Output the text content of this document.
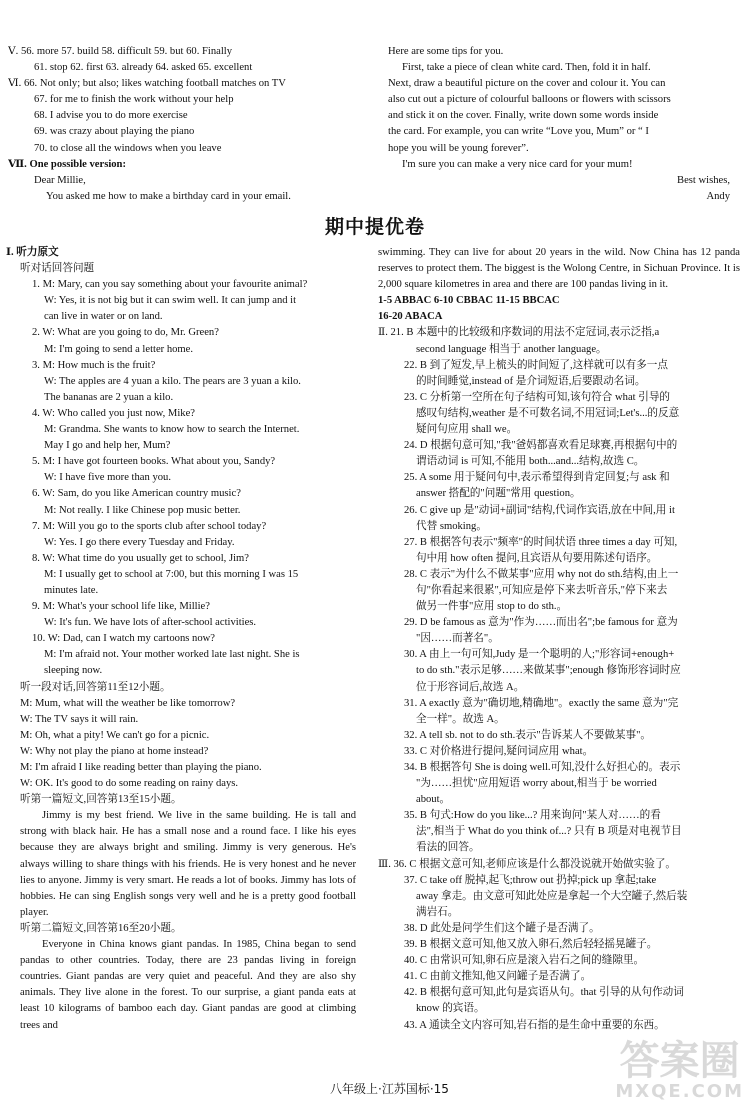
Ⅴ. 56. more 57. build 58. difficult 59. but 60. Finally
61. stop 62. first 63. already 64. asked 65. excellent
Ⅵ. 66. Not only; but also; likes watching football matches on TV
67. for me to finish the work without your help
68. I advise you to do more exercise
69. was crazy about playing the piano
70. to close all the windows when you leave
Ⅶ. One possible version:
Dear Millie,
You asked me how to make a birthday card in your email.
Here are some tips for you.
First, take a piece of clean white card. Then, fold it in half.
Next, draw a beautiful picture on the cover and colour it. You can
also cut out a picture of colourful balloons or flowers with scissors
and stick it on the cover. Finally, write down some words inside
the card. For example, you can write “Love you, Mum” or “ I
hope you will be young forever”.
I'm sure you can make a very nice card for your mum!
Best wishes,
Andy
期中提优卷
Ⅰ. 听力原文
听对话回答问题
1. M: Mary, can you say something about your favourite animal?
W: Yes, it is not big but it can swim well. It can jump and it
can live in water or on land.
2. W: What are you going to do, Mr. Green?
M: I'm going to send a letter home.
3. M: How much is the fruit?
W: The apples are 4 yuan a kilo. The pears are 3 yuan a kilo.
The bananas are 2 yuan a kilo.
4. W: Who called you just now, Mike?
M: Grandma. She wants to know how to search the Internet.
May I go and help her, Mum?
5. M: I have got fourteen books. What about you, Sandy?
W: I have five more than you.
6. W: Sam, do you like American country music?
M: Not really. I like Chinese pop music better.
7. M: Will you go to the sports club after school today?
W: Yes. I go there every Tuesday and Friday.
8. W: What time do you usually get to school, Jim?
M: I usually get to school at 7:00, but this morning I was 15
minutes late.
9. M: What's your school life like, Millie?
W: It's fun. We have lots of after-school activities.
10. W: Dad, can I watch my cartoons now?
M: I'm afraid not. Your mother worked late last night. She is
sleeping now.
听一段对话,回答第11至12小题。
M: Mum, what will the weather be like tomorrow?
W: The TV says it will rain.
M: Oh, what a pity! We can't go for a picnic.
W: Why not play the piano at home instead?
M: I'm afraid I like reading better than playing the piano.
W: OK. It's good to do some reading on rainy days.
听第一篇短文,回答第13至15小题。
Jimmy is my best friend. We live in the same building. He is tall and strong with black hair. He has a small nose and a round face. I like his eyes because they are always bright and smiling. Jimmy is very generous. He's always willing to share things with his friends. He is very honest and he never lies to anyone. Jimmy is very smart. He reads a lot of books. Jimmy has lots of hobbies. He can sing English songs very well and he is a pretty good football player.
听第二篇短文,回答第16至20小题。
Everyone in China knows giant pandas. In 1985, China began to send pandas to other countries. Today, there are 23 pandas living in foreign countries. Giant pandas are very quiet and peaceful. And they are also shy animals. They live alone in the forest. To our surprise, a giant panda eats at least 10 kilograms of bamboo each day. Giant pandas are good at climbing trees and
swimming. They can live for about 20 years in the wild. Now China has 12 panda reserves to protect them. The biggest is the Wolong Centre, in Sichuan Province. It is 2,000 square kilometres in area and there are 100 pandas living in it.
1-5 ABBAC 6-10 CBBAC 11-15 BBCAC
16-20 ABACA
Ⅱ. 21. B 本题中的比较级和序数词的用法不定冠词,表示泛指,a
second language 相当于 another language。
22. B 到了短发,早上梳头的时间短了,这样就可以有多一点
的时间睡觉,instead of 是介词短语,后要跟动名词。
23. C 分析第一空所在句子结构可知,该句符合 what 引导的
感叹句结构,weather 是不可数名词,不用冠词;Let's...的反意
疑问句应用 shall we。
24. D 根据句意可知,"我"爸妈都喜欢看足球赛,再根据句中的
谓语动词 is 可知,不能用 both...and...结构,故选 C。
25. A some 用于疑问句中,表示希望得到肯定回复;与 ask 和
answer 搭配的"问题"常用 question。
26. C give up 是"动词+副词"结构,代词作宾语,放在中间,用 it
代替 smoking。
27. B 根据答句表示"频率"的时间状语 three times a day 可知,
句中用 how often 提问,且宾语从句要用陈述句语序。
28. C 表示"为什么不做某事"应用 why not do sth.结构,由上一
句"你看起来很累",可知应是停下来去听音乐,"停下来去
做另一件事"应用 stop to do sth.。
29. D be famous as 意为"作为……而出名";be famous for 意为
"因……而著名"。
30. A 由上一句可知,Judy 是一个聪明的人;"形容词+enough+
to do sth."表示足够……来做某事";enough 修饰形容词时应
位于形容词后,故选 A。
31. A exactly 意为"确切地,精确地"。exactly the same 意为"完
全一样"。故选 A。
32. A tell sb. not to do sth.表示"告诉某人不要做某事"。
33. C 对价格进行提问,疑问词应用 what。
34. B 根据答句 She is doing well.可知,没什么好担心的。表示
"为……担忧"应用短语 worry about,相当于 be worried
about。
35. B 句式:How do you like...? 用来询问"某人对……的看
法",相当于 What do you think of...? 只有 B 项是对电视节目
看法的回答。
Ⅲ. 36. C 根据文意可知,老师应该是什么都没说就开始做实验了。
37. C take off 脱掉,起飞;throw out 扔掉;pick up 拿起;take
away 拿走。由文意可知此处应是拿起一个大空罐子,然后装
满岩石。
38. D 此处是问学生们这个罐子是否满了。
39. B 根据文意可知,他又放入卵石,然后轻轻摇晃罐子。
40. C 由常识可知,卵石应是滚入岩石之间的缝隙里。
41. C 由前文推知,他又问罐子是否满了。
42. B 根据句意可知,此句是宾语从句。that 引导的从句作动词
know 的宾语。
43. A 通读全文内容可知,岩石指的是生命中重要的东西。
八年级上·江苏国标·15
答案圈
MXQE.COM
